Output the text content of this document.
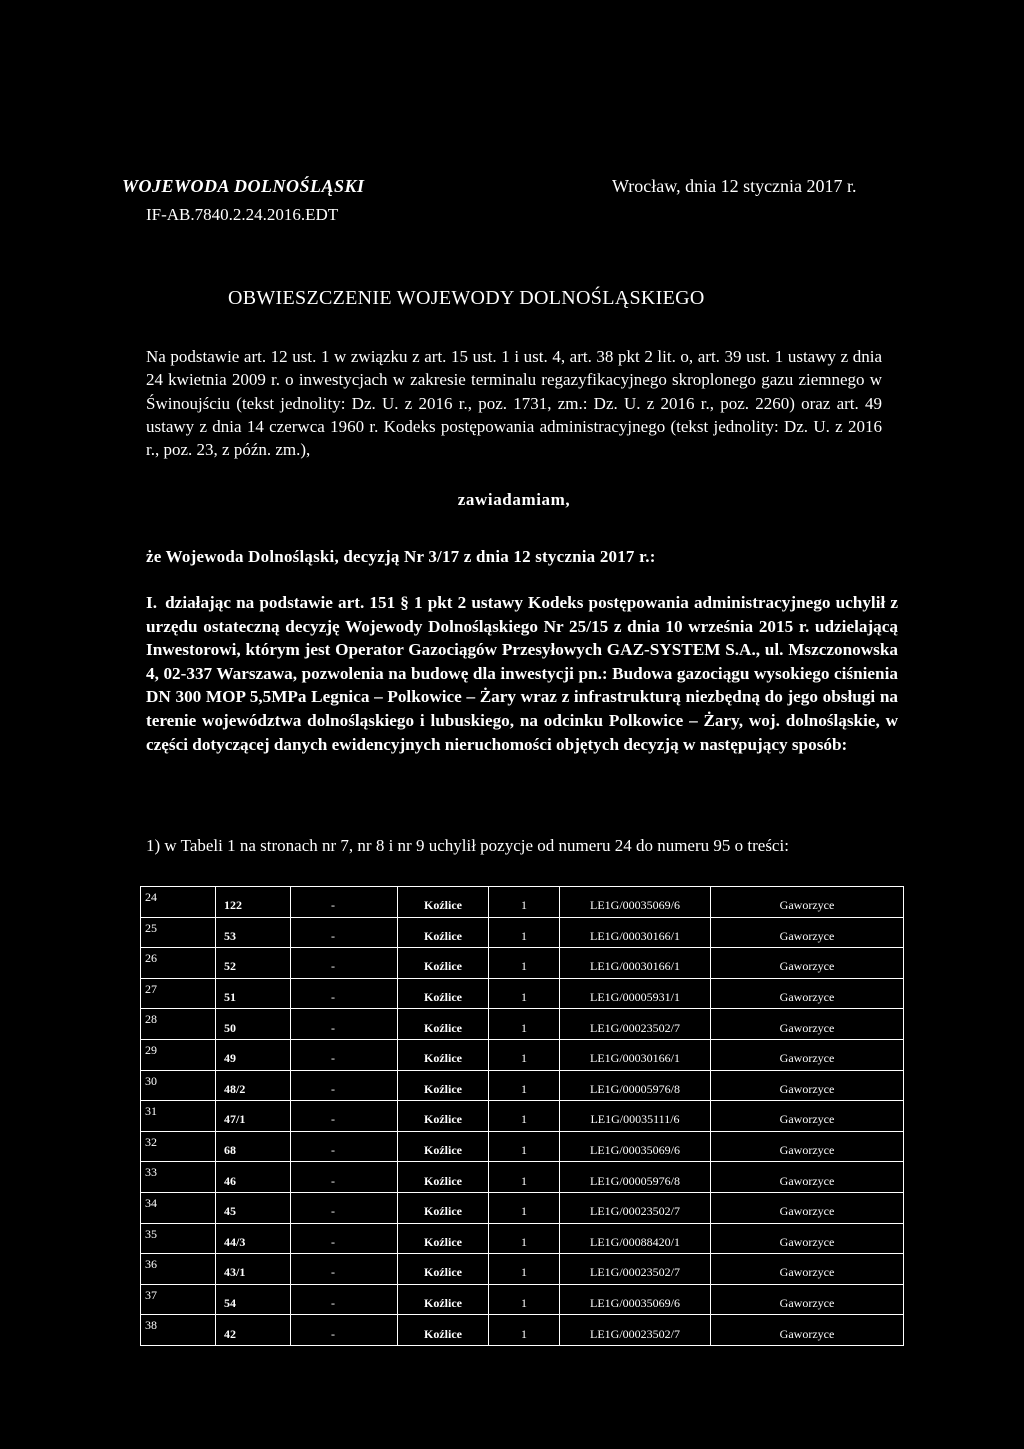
WOJEWODA DOLNOŚLĄSKI
IF-AB.7840.2.24.2016.EDT
Wrocław, dnia 12 stycznia 2017 r.
OBWIESZCZENIE WOJEWODY DOLNOŚLĄSKIEGO
Na podstawie art. 12 ust. 1 w związku z art. 15 ust. 1 i ust. 4, art. 38 pkt 2 lit. o, art. 39 ust. 1 ustawy z dnia 24 kwietnia 2009 r. o inwestycjach w zakresie terminalu regazyfikacyjnego skroplonego gazu ziemnego w Świnoujściu (tekst jednolity: Dz. U. z 2016 r., poz. 1731, zm.: Dz. U. z 2016 r., poz. 2260) oraz art. 49 ustawy z dnia 14 czerwca 1960 r. Kodeks postępowania administracyjnego (tekst jednolity: Dz. U. z 2016 r., poz. 23, z późn. zm.),
zawiadamiam,
że Wojewoda Dolnośląski, decyzją Nr 3/17 z dnia 12 stycznia 2017 r.:
I. działając na podstawie art. 151 § 1 pkt 2 ustawy Kodeks postępowania administracyjnego uchylił z urzędu ostateczną decyzję Wojewody Dolnośląskiego Nr 25/15 z dnia 10 września 2015 r. udzielającą Inwestorowi, którym jest Operator Gazociągów Przesyłowych GAZ-SYSTEM S.A., ul. Mszczonowska 4, 02-337 Warszawa, pozwolenia na budowę dla inwestycji pn.: Budowa gazociągu wysokiego ciśnienia DN 300 MOP 5,5MPa Legnica – Polkowice – Żary wraz z infrastrukturą niezbędną do jego obsługi na terenie województwa dolnośląskiego i lubuskiego, na odcinku Polkowice – Żary, woj. dolnośląskie, w części dotyczącej danych ewidencyjnych nieruchomości objętych decyzją w następujący sposób:
1) w Tabeli 1 na stronach nr 7, nr 8 i nr 9 uchylił pozycje od numeru 24 do numeru 95 o treści:
24	122	-	Koźlice	1	LE1G/00035069/6	Gaworzyce

25	53	-	Koźlice	1	LE1G/00030166/1	Gaworzyce

26	52	-	Koźlice	1	LE1G/00030166/1	Gaworzyce

27	51	-	Koźlice	1	LE1G/00005931/1	Gaworzyce

28	50	-	Koźlice	1	LE1G/00023502/7	Gaworzyce

29	49	-	Koźlice	1	LE1G/00030166/1	Gaworzyce

30	48/2	-	Koźlice	1	LE1G/00005976/8	Gaworzyce

31	47/1	-	Koźlice	1	LE1G/00035111/6	Gaworzyce

32	68	-	Koźlice	1	LE1G/00035069/6	Gaworzyce

33	46	-	Koźlice	1	LE1G/00005976/8	Gaworzyce

34	45	-	Koźlice	1	LE1G/00023502/7	Gaworzyce

35	44/3	-	Koźlice	1	LE1G/00088420/1	Gaworzyce

36	43/1	-	Koźlice	1	LE1G/00023502/7	Gaworzyce

37	54	-	Koźlice	1	LE1G/00035069/6	Gaworzyce

38	42	-	Koźlice	1	LE1G/00023502/7	Gaworzyce
